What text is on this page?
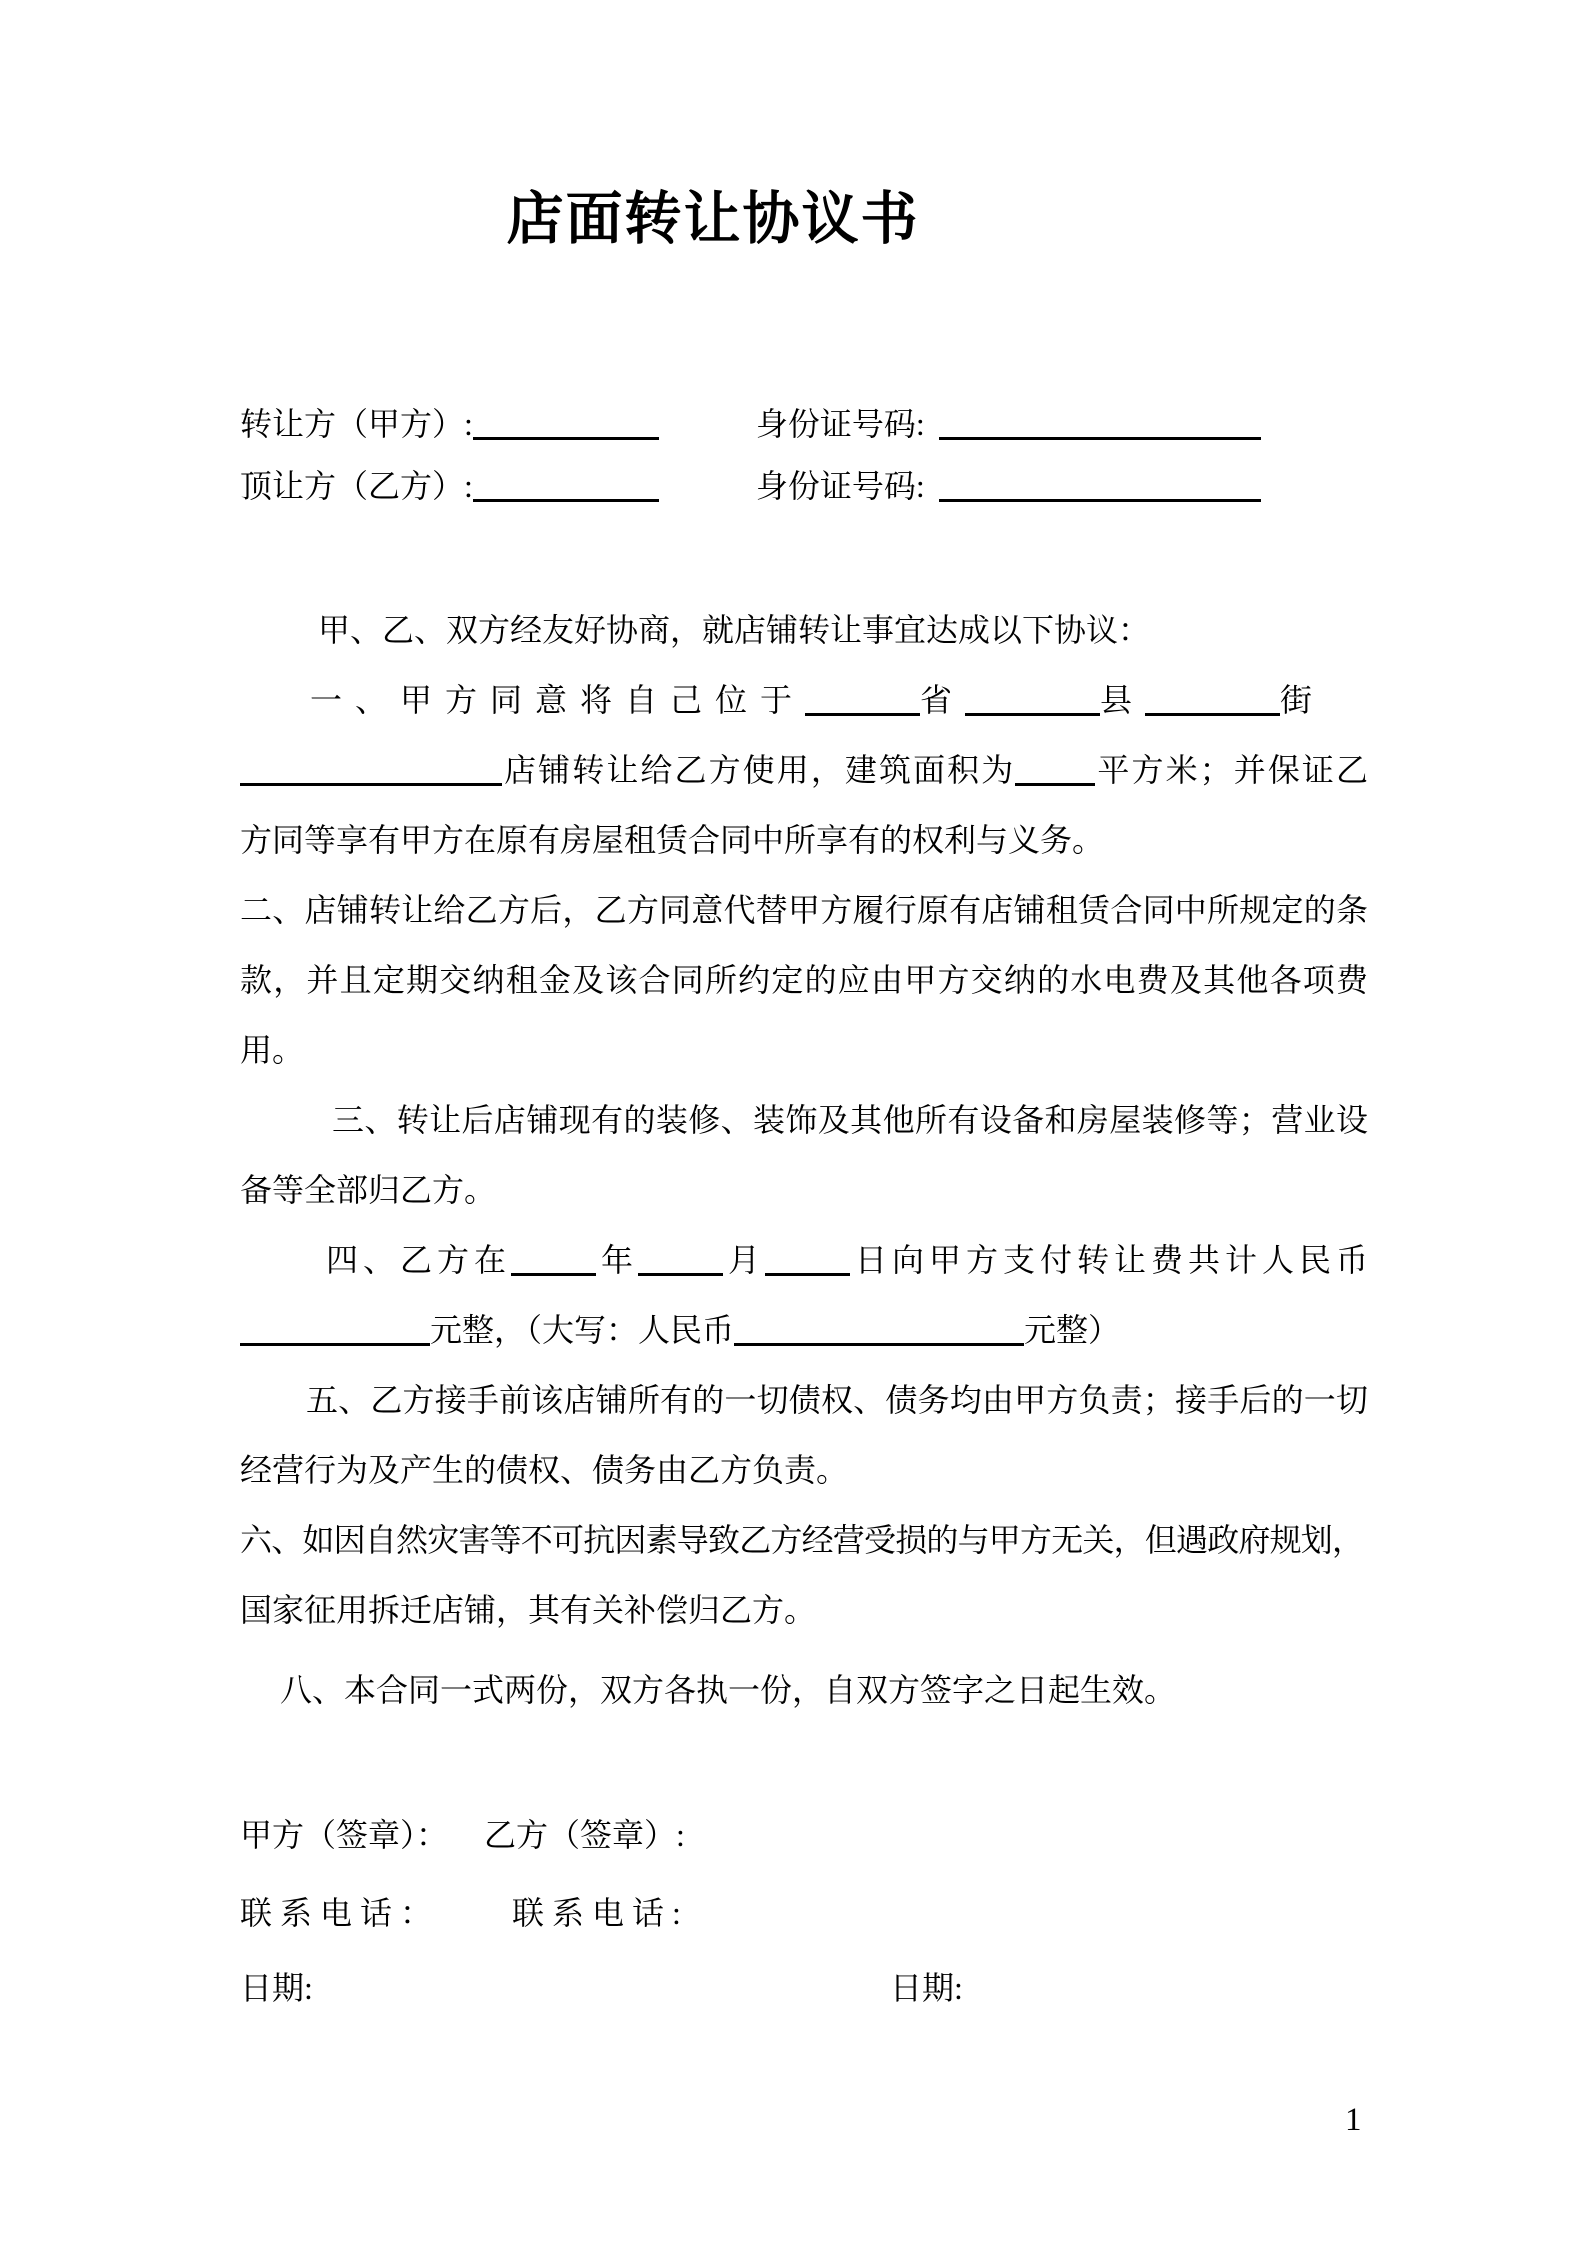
店面转让协议书
转让方（甲方）:	身份证号码:
顶让方（乙方）:	身份证号码:
甲、乙、双方经友好协商，就店铺转让事宜达成以下协议：
一、甲方同意将自己位于	省	县	街
店铺转让给乙方使用，建筑面积为	平方米；并保证乙
方同等享有甲方在原有房屋租赁合同中所享有的权利与义务。
二、店铺转让给乙方后，乙方同意代替甲方履行原有店铺租赁合同中所规定的条
款，并且定期交纳租金及该合同所约定的应由甲方交纳的水电费及其他各项费
用。
三、转让后店铺现有的装修、装饰及其他所有设备和房屋装修等；营业设
备等全部归乙方。
四、乙方在	年	月	日向甲方支付转让费共计人民币
元整，（大写：人民币	元整）
五、乙方接手前该店铺所有的一切债权、债务均由甲方负责；接手后的一切
经营行为及产生的债权、债务由乙方负责。
六、如因自然灾害等不可抗因素导致乙方经营受损的与甲方无关，但遇政府规划，
国家征用拆迁店铺，其有关补偿归乙方。
八、本合同一式两份，双方各执一份，自双方签字之日起生效。
甲方（签章）： 乙方（签章）:
联系电话： 联系电话:
日期:	日期:
1
